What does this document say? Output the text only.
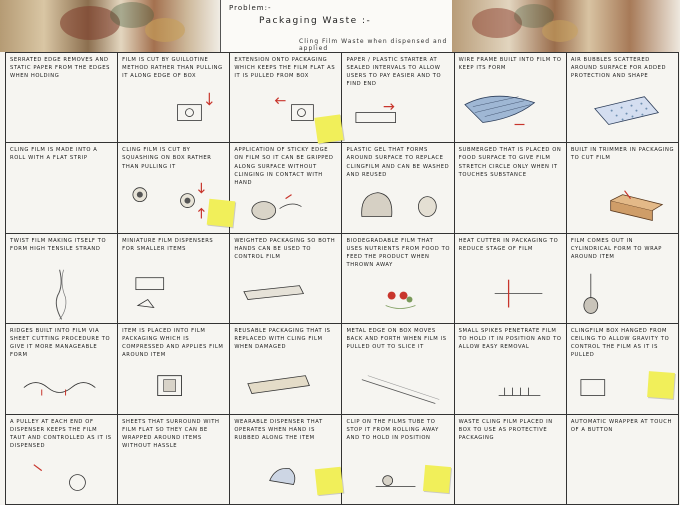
Problem:-
Packaging Waste :-
Cling Film Waste when dispensed and applied
SERRATED EDGE REMOVES AND STATIC PAPER FROM THE EDGES WHEN HOLDING
FILM IS CUT BY GUILLOTINE METHOD RATHER THAN PULLING IT ALONG EDGE OF BOX
EXTENSION ONTO PACKAGING WHICH KEEPS THE FILM FLAT AS IT IS PULLED FROM BOX
PAPER / PLASTIC STARTER AT SEALED INTERVALS TO ALLOW USERS TO PAY EASIER AND TO FIND END
WIRE FRAME BUILT INTO FILM TO KEEP ITS FORM
AIR BUBBLES SCATTERED AROUND SURFACE FOR ADDED PROTECTION AND SHAPE
CLING FILM IS MADE INTO A ROLL WITH A FLAT STRIP
CLING FILM IS CUT BY SQUASHING ON BOX RATHER THAN PULLING IT
APPLICATION OF STICKY EDGE ON FILM SO IT CAN BE GRIPPED ALONG SURFACE WITHOUT CLINGING IN CONTACT WITH HAND
PLASTIC GEL THAT FORMS AROUND SURFACE TO REPLACE CLINGFILM AND CAN BE WASHED AND REUSED
SUBMERGED THAT IS PLACED ON FOOD SURFACE TO GIVE FILM STRETCH CIRCLE ONLY WHEN IT TOUCHES SUBSTANCE
BUILT IN TRIMMER IN PACKAGING TO CUT FILM
TWIST FILM MAKING ITSELF TO FORM HIGH TENSILE STRAND
MINIATURE FILM DISPENSERS FOR SMALLER ITEMS
WEIGHTED PACKAGING SO BOTH HANDS CAN BE USED TO CONTROL FILM
BIODEGRADABLE FILM THAT USES NUTRIENTS FROM FOOD TO FEED THE PRODUCT WHEN THROWN AWAY
HEAT CUTTER IN PACKAGING TO REDUCE STAGE OF FILM
FILM COMES OUT IN CYLINDRICAL FORM TO WRAP AROUND ITEM
RIDGES BUILT INTO FILM VIA SHEET CUTTING PROCEDURE TO GIVE IT MORE MANAGEABLE FORM
ITEM IS PLACED INTO FILM PACKAGING WHICH IS COMPRESSED AND APPLIES FILM AROUND ITEM
REUSABLE PACKAGING THAT IS REPLACED WITH CLING FILM WHEN DAMAGED
METAL EDGE ON BOX MOVES BACK AND FORTH WHEN FILM IS PULLED OUT TO SLICE IT
SMALL SPIKES PENETRATE FILM TO HOLD IT IN POSITION AND TO ALLOW EASY REMOVAL
CLINGFILM BOX HANGED FROM CEILING TO ALLOW GRAVITY TO CONTROL THE FILM AS IT IS PULLED
A PULLEY AT EACH END OF DISPENSER KEEPS THE FILM TAUT AND CONTROLLED AS IT IS DISPENSED
SHEETS THAT SURROUND WITH FILM FLAT SO THEY CAN BE WRAPPED AROUND ITEMS WITHOUT HASSLE
WEARABLE DISPENSER THAT OPERATES WHEN HAND IS RUBBED ALONG THE ITEM
CLIP ON THE FILMS TUBE TO STOP IT FROM ROLLING AWAY AND TO HOLD IN POSITION
WASTE CLING FILM PLACED IN BOX TO USE AS PROTECTIVE PACKAGING
AUTOMATIC WRAPPER AT TOUCH OF A BUTTON
